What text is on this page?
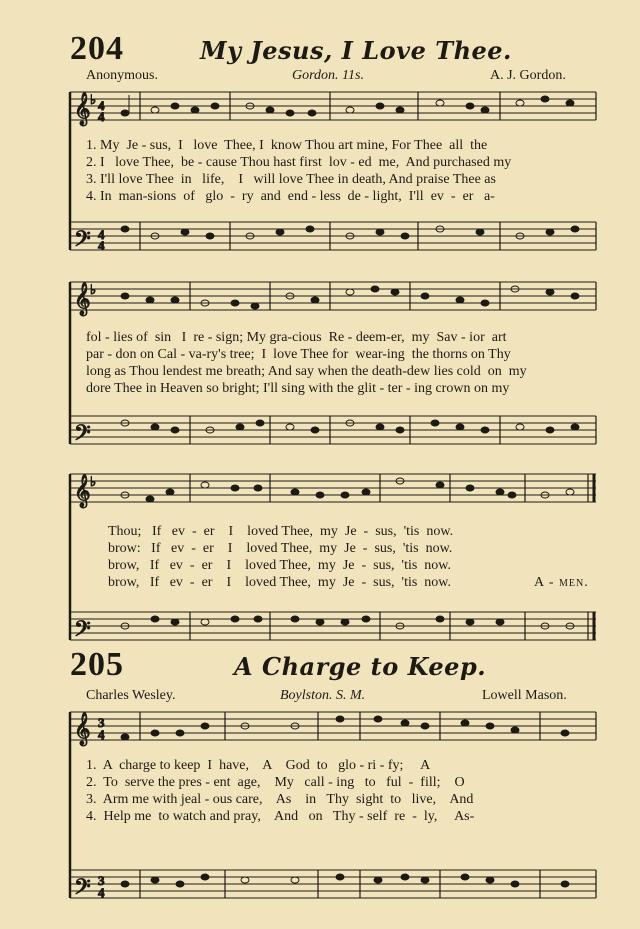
204	My Jesus, I Love Thee.
Anonymous.	Gordon. 11s.	A. J. Gordon.
𝄞 4
4
♭
𝄢 4
4
𝄞 ♭
𝄢
𝄞 ♭
𝄢
𝄞 3
4
𝄢 3
4
1. My  Je - sus,  I   love  Thee, I  know Thou art mine, For Thee  all  the
2. I   love Thee,  be - cause Thou hast first  lov - ed  me,  And purchased my
3. I'll love Thee  in   life,    I   will love Thee in death, And praise Thee as
4. In  man-sions  of   glo  -  ry  and  end - less  de - light,  I'll  ev  -  er   a-
fol - lies of  sin   I  re - sign; My gra-cious  Re - deem-er,  my  Sav - ior  art
par - don on Cal - va-ry's tree;  I  love Thee for  wear-ing  the thorns on Thy
long as Thou lendest me breath; And say when the death-dew lies cold  on  my
dore Thee in Heaven so bright; I'll sing with the glit - ter - ing crown on my
Thou;   If   ev  -  er    I    loved Thee,  my  Je  -  sus,  'tis  now.
brow:   If   ev  -  er    I    loved Thee,  my  Je  -  sus,  'tis  now.
brow,   If   ev  -  er    I    loved Thee,  my  Je  -  sus,  'tis  now.
brow,   If   ev  -  er    I    loved Thee,  my  Je  -  sus,  'tis  now.	A - men.
205	A Charge to Keep.
Charles Wesley.	Boylston. S. M.	Lowell Mason.
1.  A  charge to keep  I  have,    A    God  to   glo - ri - fy;     A
2.  To  serve the pres - ent  age,    My   call - ing   to   ful  -  fill;    O
3.  Arm me with jeal - ous care,    As    in   Thy  sight  to   live,    And
4.  Help me  to watch and pray,    And   on   Thy - self  re  -  ly,     As-
